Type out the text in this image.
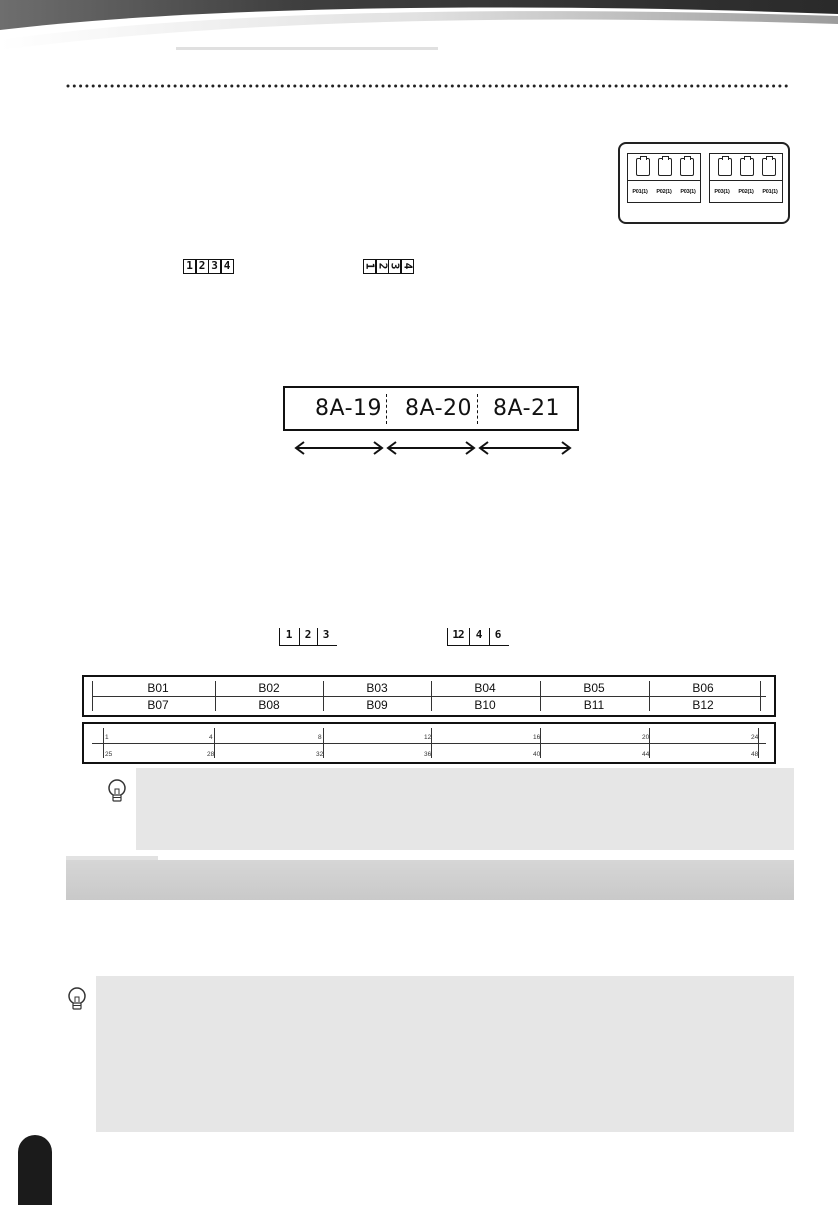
P01(1) P02(1) P03(1)	P03(1) P02(1) P01(1)
1 2 3 4	1 2 3 4
8A-19 8A-20 8A-21
1	2	3	12	4	6
B01	B02	B03	B04	B05	B06
B07	B08	B09	B10	B11	B12
1	4	8	12	16	20	24
25	28	32	36	40	44	48
